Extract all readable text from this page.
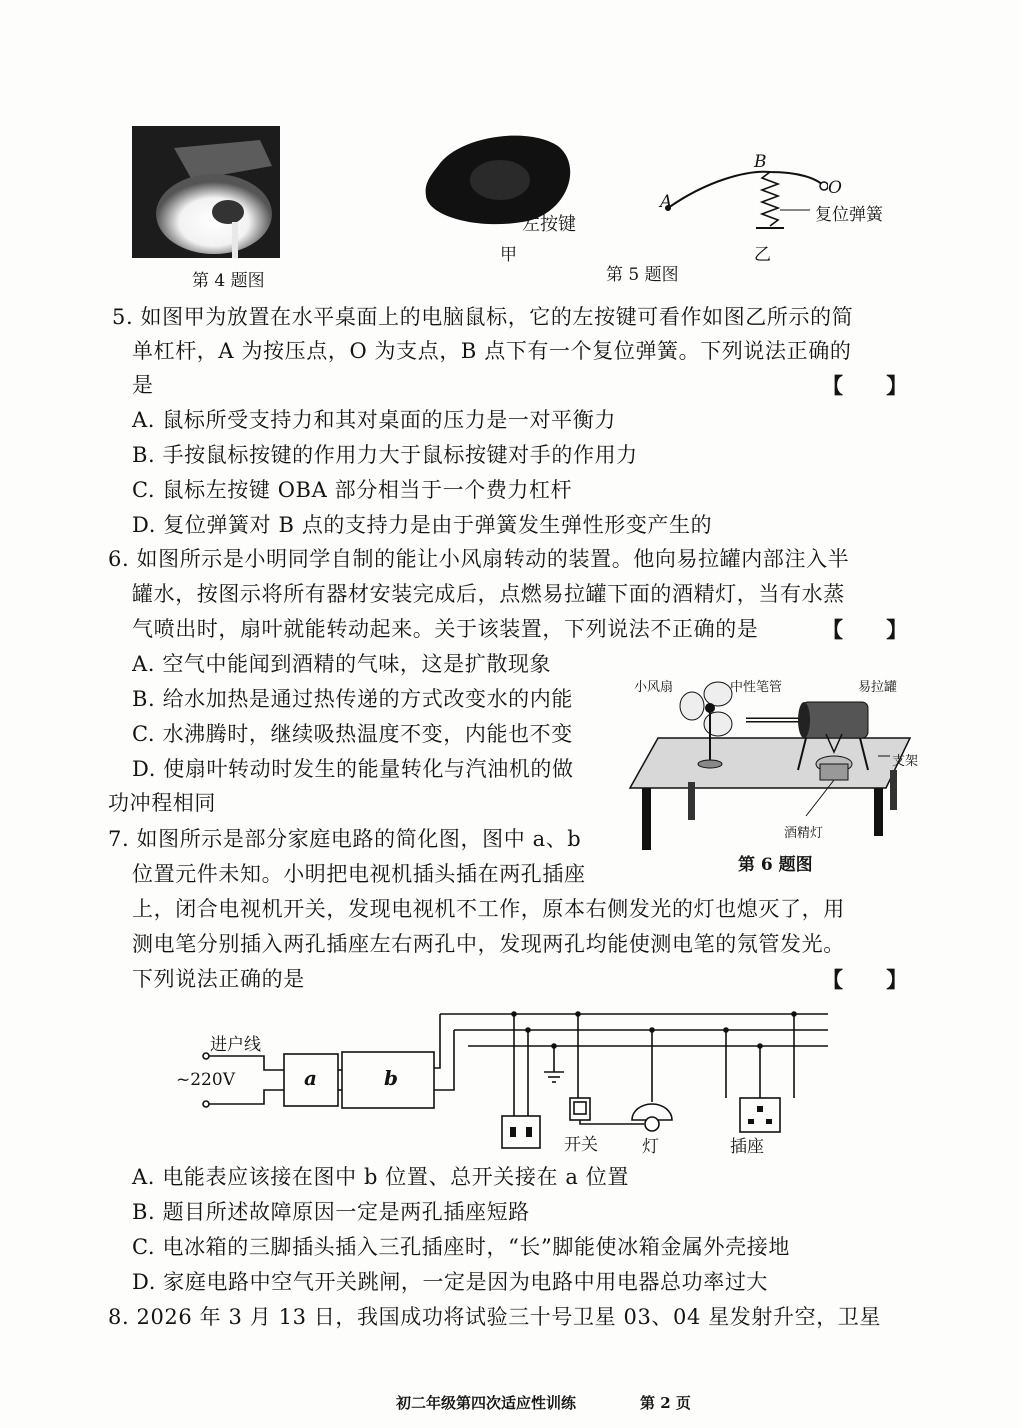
第 4 题图
左按键
甲
A
B
O
复位弹簧
乙
第 5 题图
5. 如图甲为放置在水平桌面上的电脑鼠标，它的左按键可看作如图乙所示的简
单杠杆，A 为按压点，O 为支点，B 点下有一个复位弹簧。下列说法正确的
是	【 】
A. 鼠标所受支持力和其对桌面的压力是一对平衡力
B. 手按鼠标按键的作用力大于鼠标按键对手的作用力
C. 鼠标左按键 OBA 部分相当于一个费力杠杆
D. 复位弹簧对 B 点的支持力是由于弹簧发生弹性形变产生的
6. 如图所示是小明同学自制的能让小风扇转动的装置。他向易拉罐内部注入半
罐水，按图示将所有器材安装完成后，点燃易拉罐下面的酒精灯，当有水蒸
气喷出时，扇叶就能转动起来。关于该装置，下列说法不正确的是	【 】
A. 空气中能闻到酒精的气味，这是扩散现象
B. 给水加热是通过热传递的方式改变水的内能
C. 水沸腾时，继续吸热温度不变，内能也不变
D. 使扇叶转动时发生的能量转化与汽油机的做
功冲程相同
小风扇	中性笔管	易拉罐
支架
酒精灯
第 6 题图
7. 如图所示是部分家庭电路的简化图，图中 a、b
位置元件未知。小明把电视机插头插在两孔插座
上，闭合电视机开关，发现电视机不工作，原本右侧发光的灯也熄灭了，用
测电笔分别插入两孔插座左右两孔中，发现两孔均能使测电笔的氖管发光。
下列说法正确的是	【 】
进户线
~220V	a	b
开关	灯	插座
A. 电能表应该接在图中 b 位置、总开关接在 a 位置
B. 题目所述故障原因一定是两孔插座短路
C. 电冰箱的三脚插头插入三孔插座时，“长”脚能使冰箱金属外壳接地
D. 家庭电路中空气开关跳闸，一定是因为电路中用电器总功率过大
8. 2026 年 3 月 13 日，我国成功将试验三十号卫星 03、04 星发射升空，卫星
初二年级第四次适应性训练	第 2 页
